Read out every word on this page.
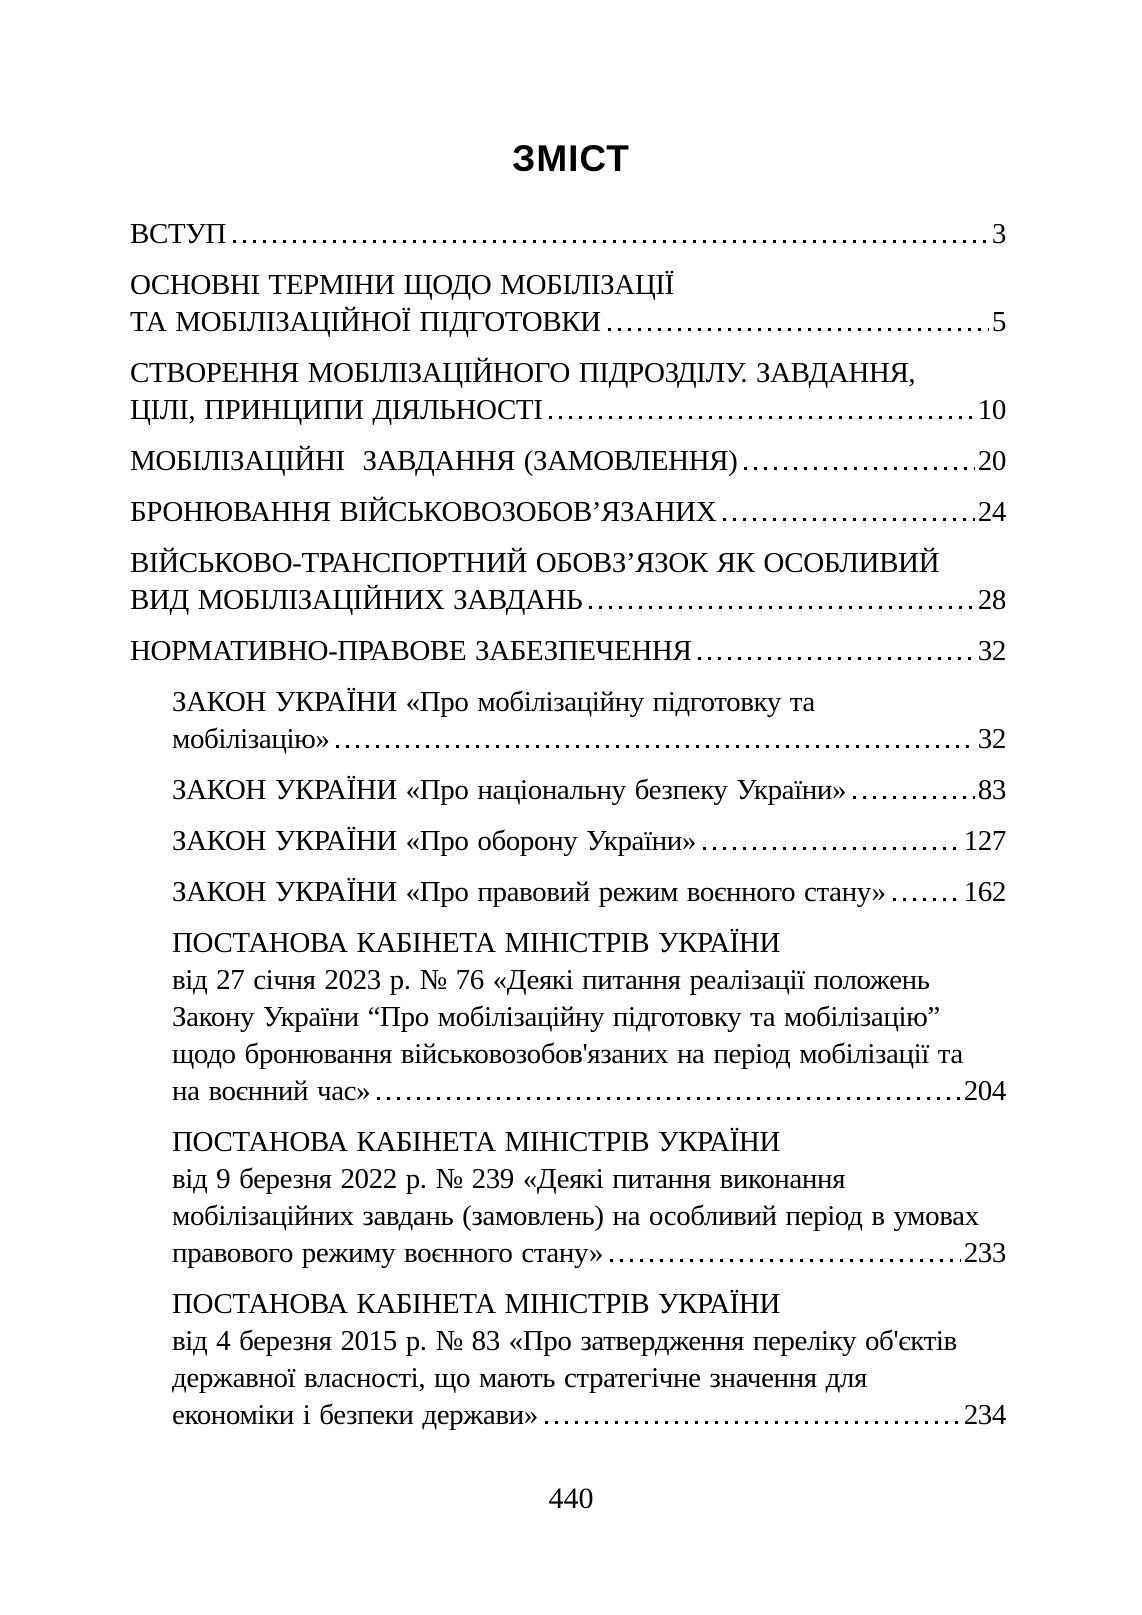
ЗМІСТ
ВСТУП	3
ОСНОВНІ ТЕРМІНИ ЩОДО МОБІЛІЗАЦІЇ
ТА МОБІЛІЗАЦІЙНОЇ ПІДГОТОВКИ	5
СТВОРЕННЯ МОБІЛІЗАЦІЙНОГО ПІДРОЗДІЛУ. ЗАВДАННЯ,
ЦІЛІ, ПРИНЦИПИ ДІЯЛЬНОСТІ	10
МОБІЛІЗАЦІЙНІ  ЗАВДАННЯ (ЗАМОВЛЕННЯ)	20
БРОНЮВАННЯ ВІЙСЬКОВОЗОБОВ’ЯЗАНИХ	24
ВІЙСЬКОВО-ТРАНСПОРТНИЙ ОБОВЗ’ЯЗОК ЯК ОСОБЛИВИЙ
ВИД МОБІЛІЗАЦІЙНИХ ЗАВДАНЬ	28
НОРМАТИВНО-ПРАВОВЕ ЗАБЕЗПЕЧЕННЯ	32
ЗАКОН УКРАЇНИ «Про мобілізаційну підготовку та
мобілізацію»	32
ЗАКОН УКРАЇНИ «Про національну безпеку України»	83
ЗАКОН УКРАЇНИ «Про оборону України»	127
ЗАКОН УКРАЇНИ «Про правовий режим воєнного стану»	162
ПОСТАНОВА КАБІНЕТА МІНІСТРІВ УКРАЇНИ
від 27 січня 2023 р. № 76 «Деякі питання реалізації положень
Закону України “Про мобілізаційну підготовку та мобілізацію”
щодо бронювання військовозобов'язаних на період мобілізації та
на воєнний час»	204
ПОСТАНОВА КАБІНЕТА МІНІСТРІВ УКРАЇНИ
від 9 березня 2022 р. № 239 «Деякі питання виконання
мобілізаційних завдань (замовлень) на особливий період в умовах
правового режиму воєнного стану»	233
ПОСТАНОВА КАБІНЕТА МІНІСТРІВ УКРАЇНИ
від 4 березня 2015 р. № 83 «Про затвердження переліку об'єктів
державної власності, що мають стратегічне значення для
економіки і безпеки держави»	234
440
